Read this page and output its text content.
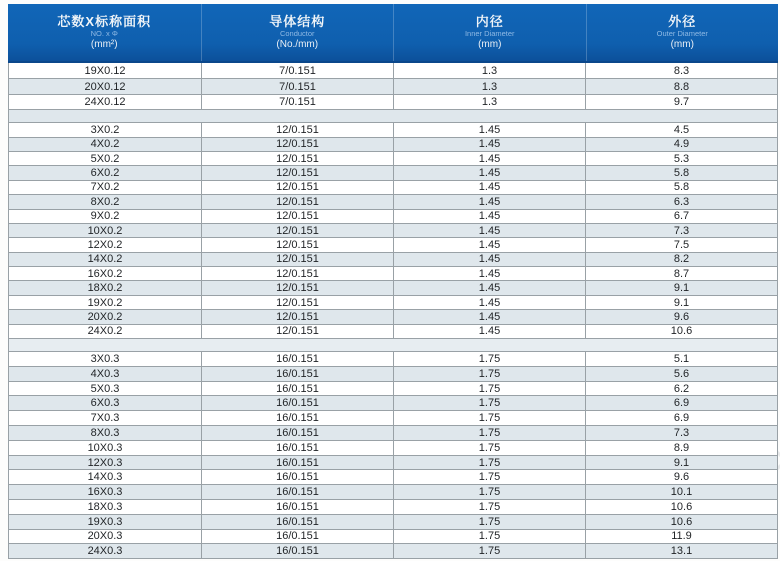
芯数X标称面积
NO. x Φ
(mm²)
导体结构
Conductor
(No./mm)
内径
Inner Diameter
(mm)
外径
Outer Diameter
(mm)
19X0.12	7/0.151	1.3	8.3
20X0.12	7/0.151	1.3	8.8
24X0.12	7/0.151	1.3	9.7
3X0.2	12/0.151	1.45	4.5
4X0.2	12/0.151	1.45	4.9
5X0.2	12/0.151	1.45	5.3
6X0.2	12/0.151	1.45	5.8
7X0.2	12/0.151	1.45	5.8
8X0.2	12/0.151	1.45	6.3
9X0.2	12/0.151	1.45	6.7
10X0.2	12/0.151	1.45	7.3
12X0.2	12/0.151	1.45	7.5
14X0.2	12/0.151	1.45	8.2
16X0.2	12/0.151	1.45	8.7
18X0.2	12/0.151	1.45	9.1
19X0.2	12/0.151	1.45	9.1
20X0.2	12/0.151	1.45	9.6
24X0.2	12/0.151	1.45	10.6
3X0.3	16/0.151	1.75	5.1
4X0.3	16/0.151	1.75	5.6
5X0.3	16/0.151	1.75	6.2
6X0.3	16/0.151	1.75	6.9
7X0.3	16/0.151	1.75	6.9
8X0.3	16/0.151	1.75	7.3
10X0.3	16/0.151	1.75	8.9
12X0.3	16/0.151	1.75	9.1
14X0.3	16/0.151	1.75	9.6
16X0.3	16/0.151	1.75	10.1
18X0.3	16/0.151	1.75	10.6
19X0.3	16/0.151	1.75	10.6
20X0.3	16/0.151	1.75	11.9
24X0.3	16/0.151	1.75	13.1
